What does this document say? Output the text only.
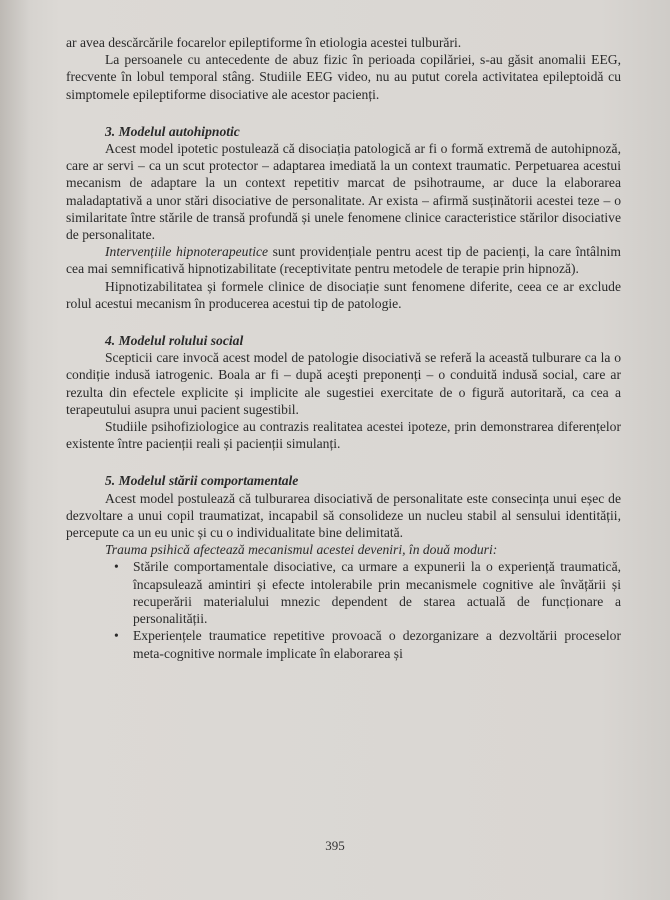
ar avea descărcările focarelor epileptiforme în etiologia acestei tulburări.

La persoanele cu antecedente de abuz fizic în perioada copilăriei, s-au găsit anomalii EEG, frecvente în lobul temporal stâng. Studiile EEG video, nu au putut corela activitatea epileptoidă cu simptomele epileptiforme disociative ale acestor pacienți.

3. Modelul autohipnotic

Acest model ipotetic postulează că disociația patologică ar fi o formă extremă de autohipnoză, care ar servi – ca un scut protector – adaptarea imediată la un context traumatic. Perpetuarea acestui mecanism de adaptare la un context repetitiv marcat de psihotraume, ar duce la elaborarea maladaptativă a unor stări disociative de personalitate. Ar exista – afirmă susținătorii acestei teze – o similaritate între stările de transă profundă și unele fenomene clinice caracteristice stărilor disociative de personalitate.

Intervențiile hipnoterapeutice sunt providențiale pentru acest tip de pacienți, la care întâlnim cea mai semnificativă hipnotizabilitate (receptivitate pentru metodele de terapie prin hipnoză).

Hipnotizabilitatea și formele clinice de disociație sunt fenomene diferite, ceea ce ar exclude rolul acestui mecanism în producerea acestui tip de patologie.

4. Modelul rolului social

Scepticii care invocă acest model de patologie disociativă se referă la această tulburare ca la o condiție indusă iatrogenic. Boala ar fi – după aceşti preponenți – o conduită indusă social, care ar rezulta din efectele explicite și implicite ale sugestiei exercitate de o figură autoritară, ca cea a terapeutului asupra unui pacient sugestibil.

Studiile psihofiziologice au contrazis realitatea acestei ipoteze, prin demonstrarea diferențelor existente între pacienții reali și pacienții simulanți.

5. Modelul stării comportamentale

Acest model postulează că tulburarea disociativă de personalitate este consecința unui eșec de dezvoltare a unui copil traumatizat, incapabil să consolideze un nucleu stabil al sensului identității, percepute ca un eu unic și cu o individualitate bine delimitată.

Trauma psihică afectează mecanismul acestei deveniri, în două moduri:

• Stările comportamentale disociative, ca urmare a expunerii la o experiență traumatică, încapsulează amintiri și efecte intolerabile prin mecanismele cognitive ale învățării și recuperării materialului mnezic dependent de starea actuală de funcționare a personalității.
• Experiențele traumatice repetitive provoacă o dezorganizare a dezvoltării proceselor meta-cognitive normale implicate în elaborarea și
395
